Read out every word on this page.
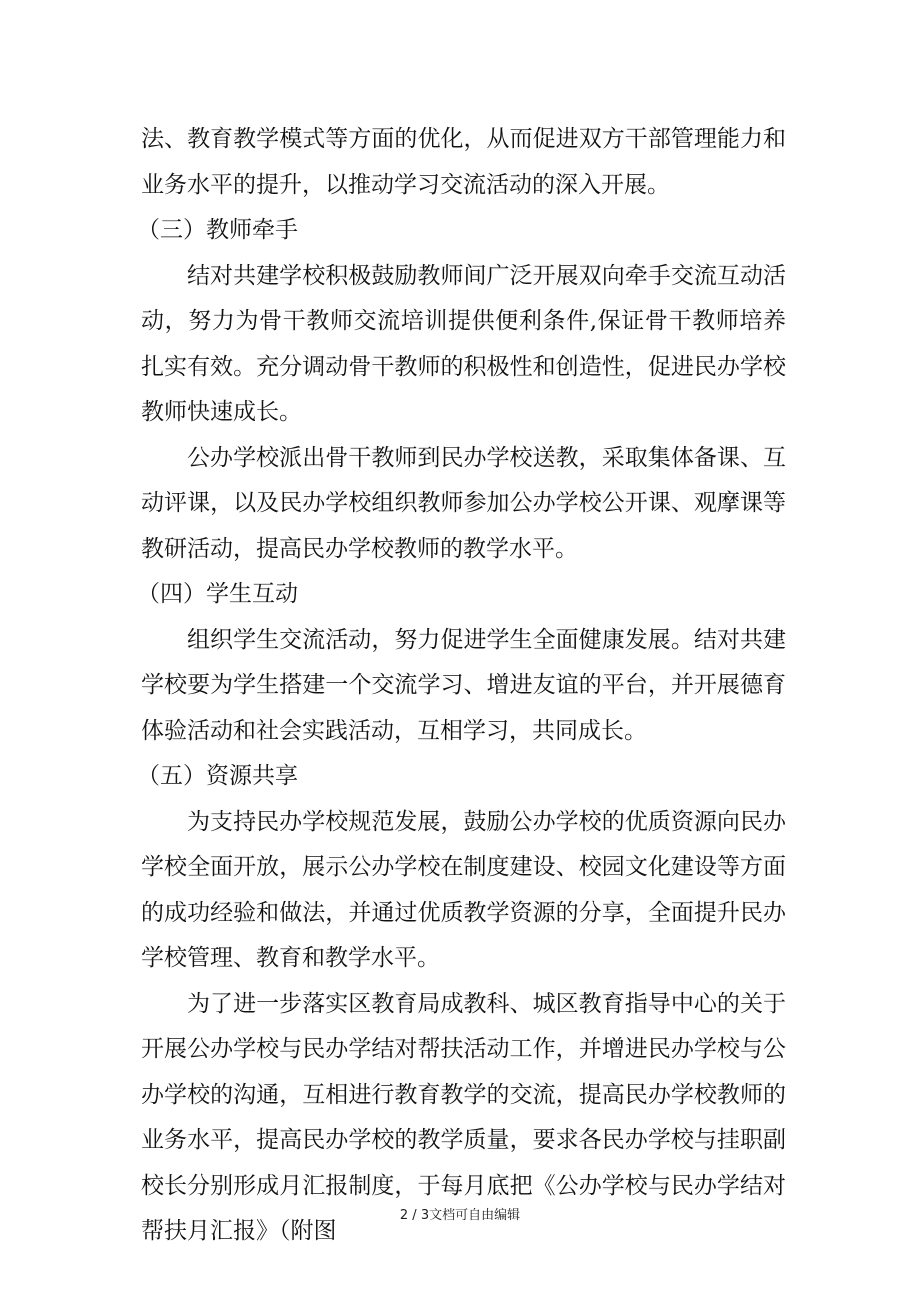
法、教育教学模式等方面的优化，从而促进双方干部管理能力和业务水平的提升，以推动学习交流活动的深入开展。

（三）教师牵手

结对共建学校积极鼓励教师间广泛开展双向牵手交流互动活动，努力为骨干教师交流培训提供便利条件,保证骨干教师培养扎实有效。充分调动骨干教师的积极性和创造性，促进民办学校教师快速成长。

公办学校派出骨干教师到民办学校送教，采取集体备课、互动评课，以及民办学校组织教师参加公办学校公开课、观摩课等教研活动，提高民办学校教师的教学水平。

（四）学生互动

组织学生交流活动，努力促进学生全面健康发展。结对共建学校要为学生搭建一个交流学习、增进友谊的平台，并开展德育体验活动和社会实践活动，互相学习，共同成长。

（五）资源共享

为支持民办学校规范发展，鼓励公办学校的优质资源向民办学校全面开放，展示公办学校在制度建设、校园文化建设等方面的成功经验和做法，并通过优质教学资源的分享，全面提升民办学校管理、教育和教学水平。

为了进一步落实区教育局成教科、城区教育指导中心的关于开展公办学校与民办学结对帮扶活动工作，并增进民办学校与公办学校的沟通，互相进行教育教学的交流，提高民办学校教师的业务水平，提高民办学校的教学质量，要求各民办学校与挂职副校长分别形成月汇报制度，于每月底把《公办学校与民办学结对帮扶月汇报》（附图

2 / 3文档可自由编辑
